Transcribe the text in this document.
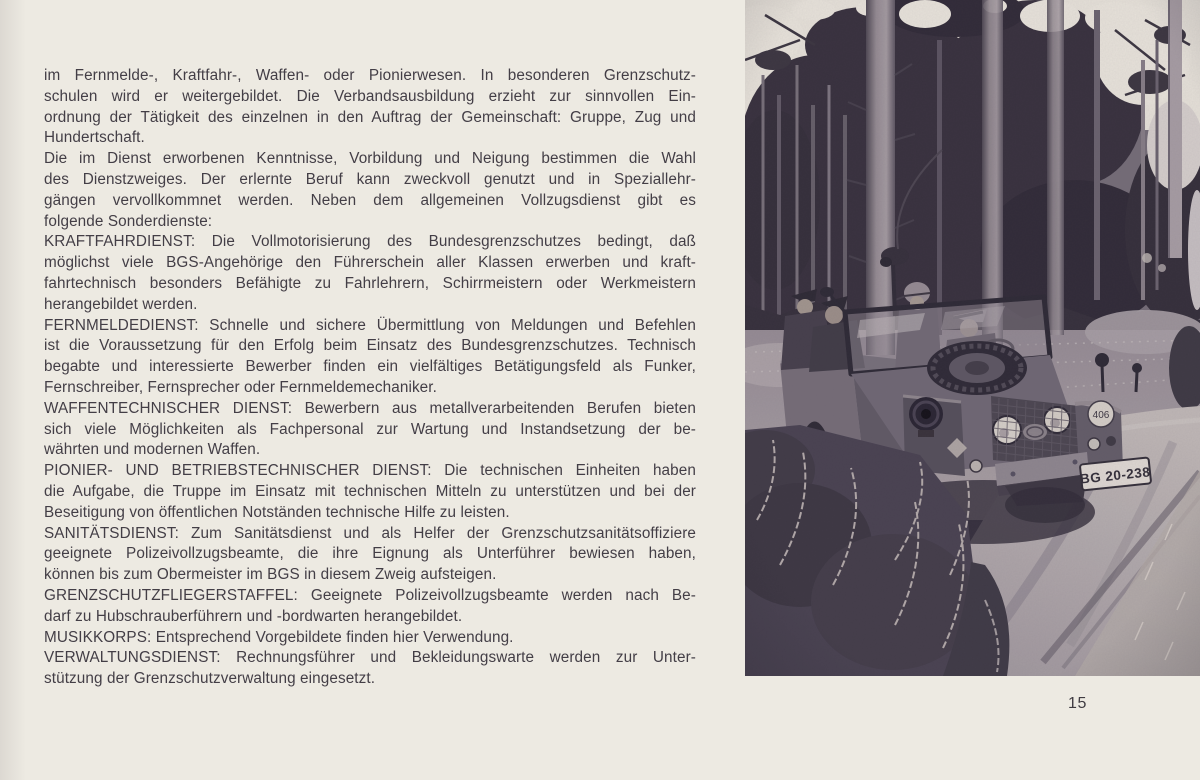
im Fernmelde-, Kraftfahr-, Waffen- oder Pionierwesen. In besonderen Grenzschutz-
schulen wird er weitergebildet. Die Verbandsausbildung erzieht zur sinnvollen Ein-
ordnung der Tätigkeit des einzelnen in den Auftrag der Gemeinschaft: Gruppe, Zug und
Hundertschaft.
Die im Dienst erworbenen Kenntnisse, Vorbildung und Neigung bestimmen die Wahl
des Dienstzweiges. Der erlernte Beruf kann zweckvoll genutzt und in Speziallehr-
gängen vervollkommnet werden. Neben dem allgemeinen Vollzugsdienst gibt es
folgende Sonderdienste:
KRAFTFAHRDIENST: Die Vollmotorisierung des Bundesgrenzschutzes bedingt, daß
möglichst viele BGS-Angehörige den Führerschein aller Klassen erwerben und kraft-
fahrtechnisch besonders Befähigte zu Fahrlehrern, Schirrmeistern oder Werkmeistern
herangebildet werden.
FERNMELDEDIENST: Schnelle und sichere Übermittlung von Meldungen und Befehlen
ist die Voraussetzung für den Erfolg beim Einsatz des Bundesgrenzschutzes. Technisch
begabte und interessierte Bewerber finden ein vielfältiges Betätigungsfeld als Funker,
Fernschreiber, Fernsprecher oder Fernmeldemechaniker.
WAFFENTECHNISCHER DIENST: Bewerbern aus metallverarbeitenden Berufen bieten
sich viele Möglichkeiten als Fachpersonal zur Wartung und Instandsetzung der be-
währten und modernen Waffen.
PIONIER- UND BETRIEBSTECHNISCHER DIENST: Die technischen Einheiten haben
die Aufgabe, die Truppe im Einsatz mit technischen Mitteln zu unterstützen und bei der
Beseitigung von öffentlichen Notständen technische Hilfe zu leisten.
SANITÄTSDIENST: Zum Sanitätsdienst und als Helfer der Grenzschutzsanitätsoffiziere
geeignete Polizeivollzugsbeamte, die ihre Eignung als Unterführer bewiesen haben,
können bis zum Obermeister im BGS in diesem Zweig aufsteigen.
GRENZSCHUTZFLIEGERSTAFFEL: Geeignete Polizeivollzugsbeamte werden nach Be-
darf zu Hubschrauberführern und -bordwarten herangebildet.
MUSIKKORPS: Entsprechend Vorgebildete finden hier Verwendung.
VERWALTUNGSDIENST: Rechnungsführer und Bekleidungswarte werden zur Unter-
stützung der Grenzschutzverwaltung eingesetzt.
15
